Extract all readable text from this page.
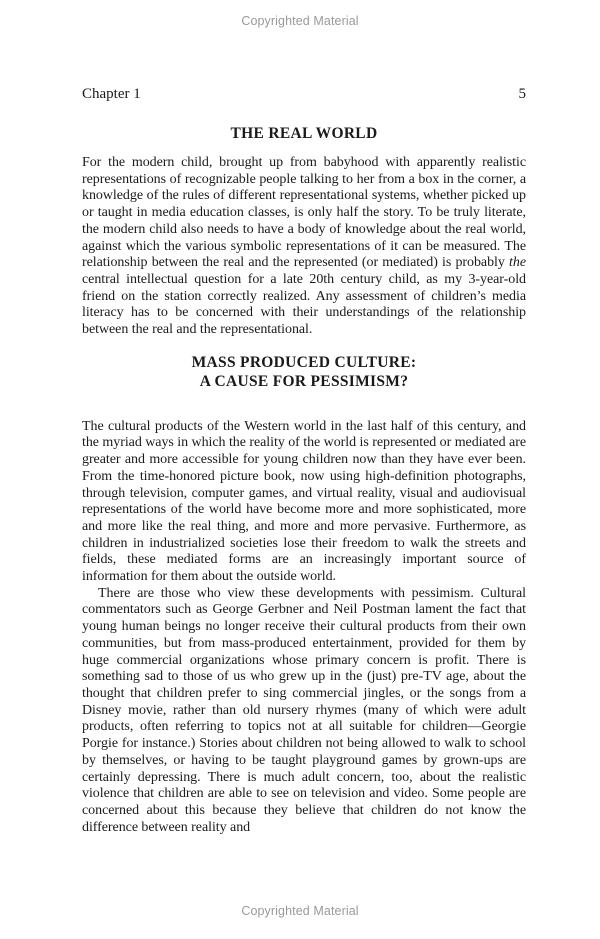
Copyrighted Material
Chapter 1	5
THE REAL WORLD

For the modern child, brought up from babyhood with apparently realistic representations of recognizable people talking to her from a box in the corner, a knowledge of the rules of different representational systems, whether picked up or taught in media education classes, is only half the story. To be truly literate, the modern child also needs to have a body of knowledge about the real world, against which the various symbolic representations of it can be measured. The relationship between the real and the represented (or mediated) is probably the central intellectual question for a late 20th century child, as my 3-year-old friend on the station correctly realized. Any assessment of children’s media literacy has to be concerned with their understandings of the relationship between the real and the representational.

MASS PRODUCED CULTURE:
A CAUSE FOR PESSIMISM?

The cultural products of the Western world in the last half of this century, and the myriad ways in which the reality of the world is represented or mediated are greater and more accessible for young children now than they have ever been. From the time-honored picture book, now using high-definition photographs, through television, computer games, and virtual reality, visual and audiovisual representations of the world have become more and more sophisticated, more and more like the real thing, and more and more pervasive. Furthermore, as children in industrialized societies lose their freedom to walk the streets and fields, these mediated forms are an increasingly important source of information for them about the outside world.

There are those who view these developments with pessimism. Cultural commentators such as George Gerbner and Neil Postman lament the fact that young human beings no longer receive their cultural products from their own communities, but from mass-produced entertainment, provided for them by huge commercial organizations whose primary concern is profit. There is something sad to those of us who grew up in the (just) pre-TV age, about the thought that children prefer to sing commercial jingles, or the songs from a Disney movie, rather than old nursery rhymes (many of which were adult products, often referring to topics not at all suitable for children—Georgie Porgie for instance.) Stories about children not being allowed to walk to school by themselves, or having to be taught playground games by grown-ups are certainly depressing. There is much adult concern, too, about the realistic violence that children are able to see on television and video. Some people are concerned about this because they believe that children do not know the difference between reality and

Copyrighted Material
